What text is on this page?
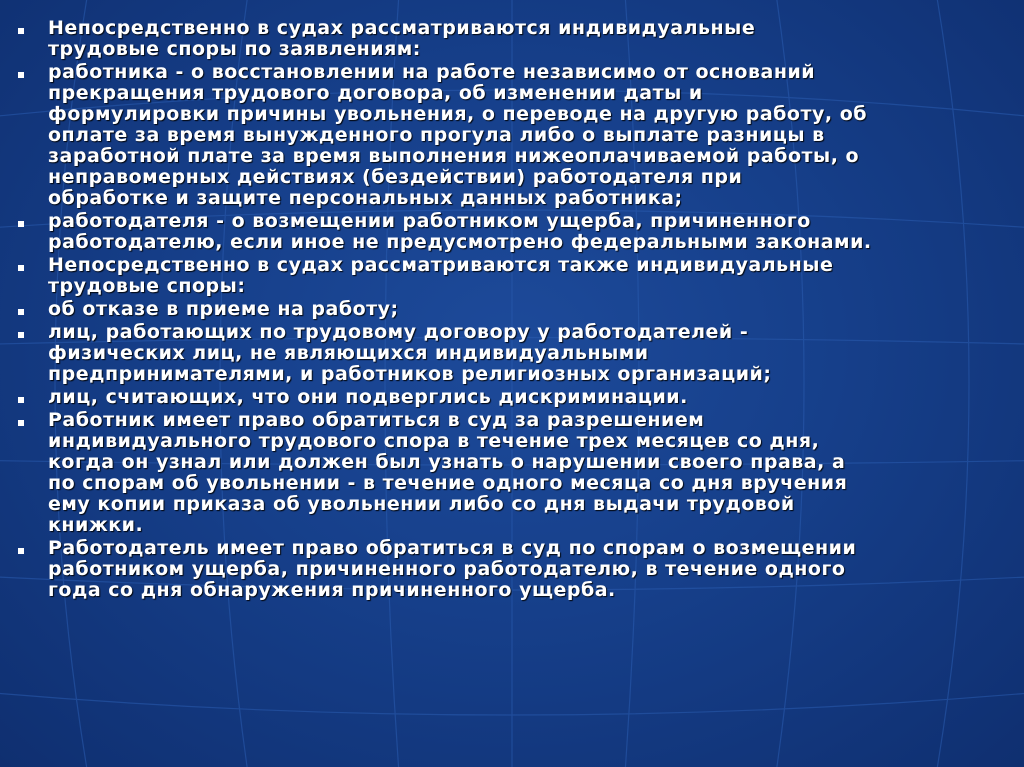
Непосредственно в судах рассматриваются индивидуальные
трудовые споры по заявлениям:
работника - о восстановлении на работе независимо от оснований
прекращения трудового договора, об изменении даты и
формулировки причины увольнения, о переводе на другую работу, об
оплате за время вынужденного прогула либо о выплате разницы в
заработной плате за время выполнения нижеоплачиваемой работы, о
неправомерных действиях (бездействии) работодателя при
обработке и защите персональных данных работника;
работодателя - о возмещении работником ущерба, причиненного
работодателю, если иное не предусмотрено федеральными законами.
Непосредственно в судах рассматриваются также индивидуальные
трудовые споры:
об отказе в приеме на работу;
лиц, работающих по трудовому договору у работодателей -
физических лиц, не являющихся индивидуальными
предпринимателями, и работников религиозных организаций;
лиц, считающих, что они подверглись дискриминации.
Работник имеет право обратиться в суд за разрешением
индивидуального трудового спора в течение трех месяцев со дня,
когда он узнал или должен был узнать о нарушении своего права, а
по спорам об увольнении - в течение одного месяца со дня вручения
ему копии приказа об увольнении либо со дня выдачи трудовой
книжки.
Работодатель имеет право обратиться в суд по спорам о возмещении
работником ущерба, причиненного работодателю, в течение одного
года со дня обнаружения причиненного ущерба.
